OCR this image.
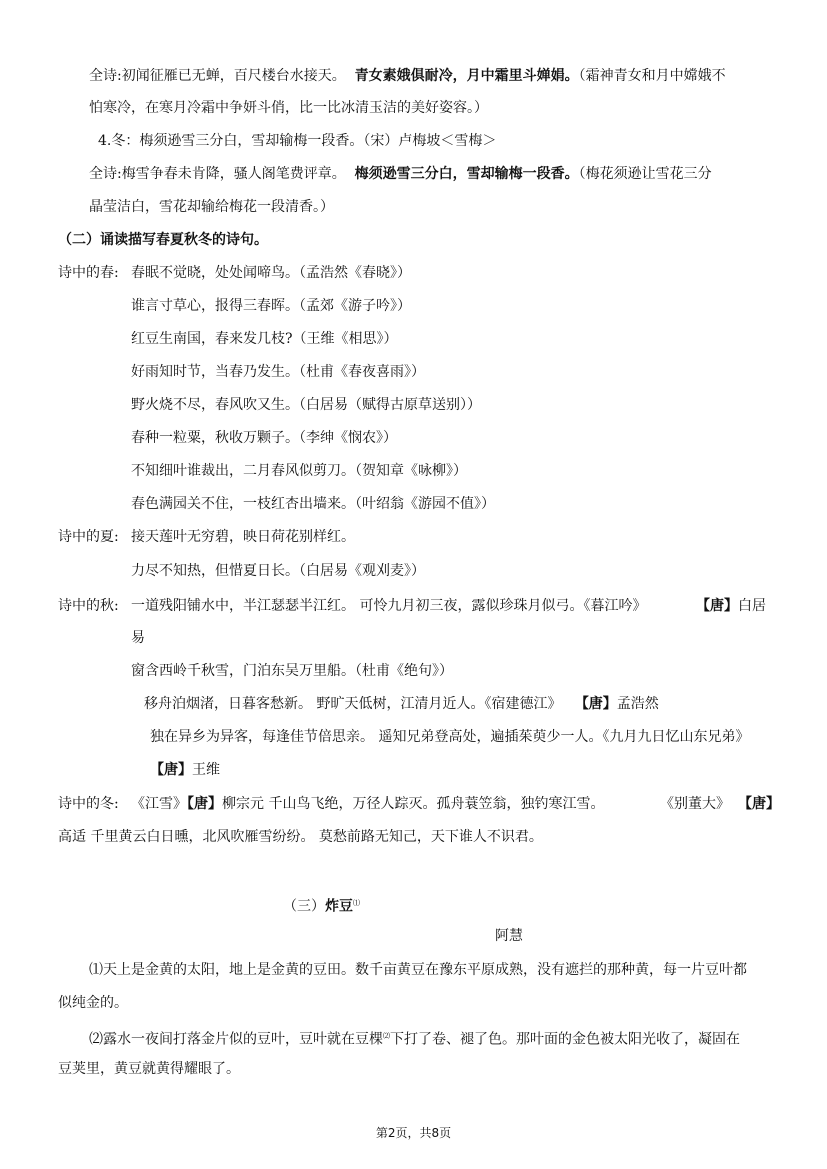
全诗:初闻征雁已无蝉，百尺楼台水接天。 青女素娥俱耐冷，月中霜里斗婵娟。（霜神青女和月中嫦娥不
怕寒冷，在寒月冷霜中争妍斗俏，比一比冰清玉洁的美好姿容。）
4.冬：梅须逊雪三分白，雪却输梅一段香。（宋）卢梅坡＜雪梅＞
全诗:梅雪争春未肯降，骚人阁笔费评章。 梅须逊雪三分白，雪却输梅一段香。（梅花须逊让雪花三分
晶莹洁白，雪花却输给梅花一段清香。）
（二）诵读描写春夏秋冬的诗句。
诗中的春: 春眠不觉晓，处处闻啼鸟。（孟浩然《春晓》）
谁言寸草心，报得三春晖。（孟郊《游子吟》）
红豆生南国，春来发几枝?（王维《相思》）
好雨知时节，当春乃发生。（杜甫《春夜喜雨》）
野火烧不尽，春风吹又生。（白居易（赋得古原草送别））
春种一粒粟，秋收万颗子。（李绅《悯农》）
不知细叶谁裁出，二月春风似剪刀。（贺知章《咏柳》）
春色满园关不住，一枝红杏出墙来。（叶绍翁《游园不值》）
诗中的夏: 接天莲叶无穷碧，映日荷花别样红。
力尽不知热，但惜夏日长。（白居易《观刈麦》）
诗中的秋: 一道残阳铺水中，半江瑟瑟半江红。 可怜九月初三夜，露似珍珠月似弓。《暮江吟》	【唐】 白居
易
窗含西岭千秋雪，门泊东吴万里船。（杜甫《绝句》）
移舟泊烟渚，日暮客愁新。 野旷天低树，江清月近人。《宿建德江》 【唐】孟浩然
独在异乡为异客，每逢佳节倍思亲。 遥知兄弟登高处，遍插茱萸少一人。《九月九日忆山东兄弟》
【唐】王维
诗中的冬: 《江雪》【唐】柳宗元 千山鸟飞绝，万径人踪灭。孤舟蓑笠翁，独钓寒江雪。	《别董大》 【唐】
高适 千里黄云白日曛，北风吹雁雪纷纷。 莫愁前路无知己，天下谁人不识君。
（三）炸豆⑴
阿慧
⑴天上是金黄的太阳，地上是金黄的豆田。数千亩黄豆在豫东平原成熟，没有遮拦的那种黄，每一片豆叶都
似纯金的。
⑵露水一夜间打落金片似的豆叶，豆叶就在豆棵⑵下打了卷、褪了色。那叶面的金色被太阳光收了，凝固在
豆荚里，黄豆就黄得耀眼了。
第2页，共8页
